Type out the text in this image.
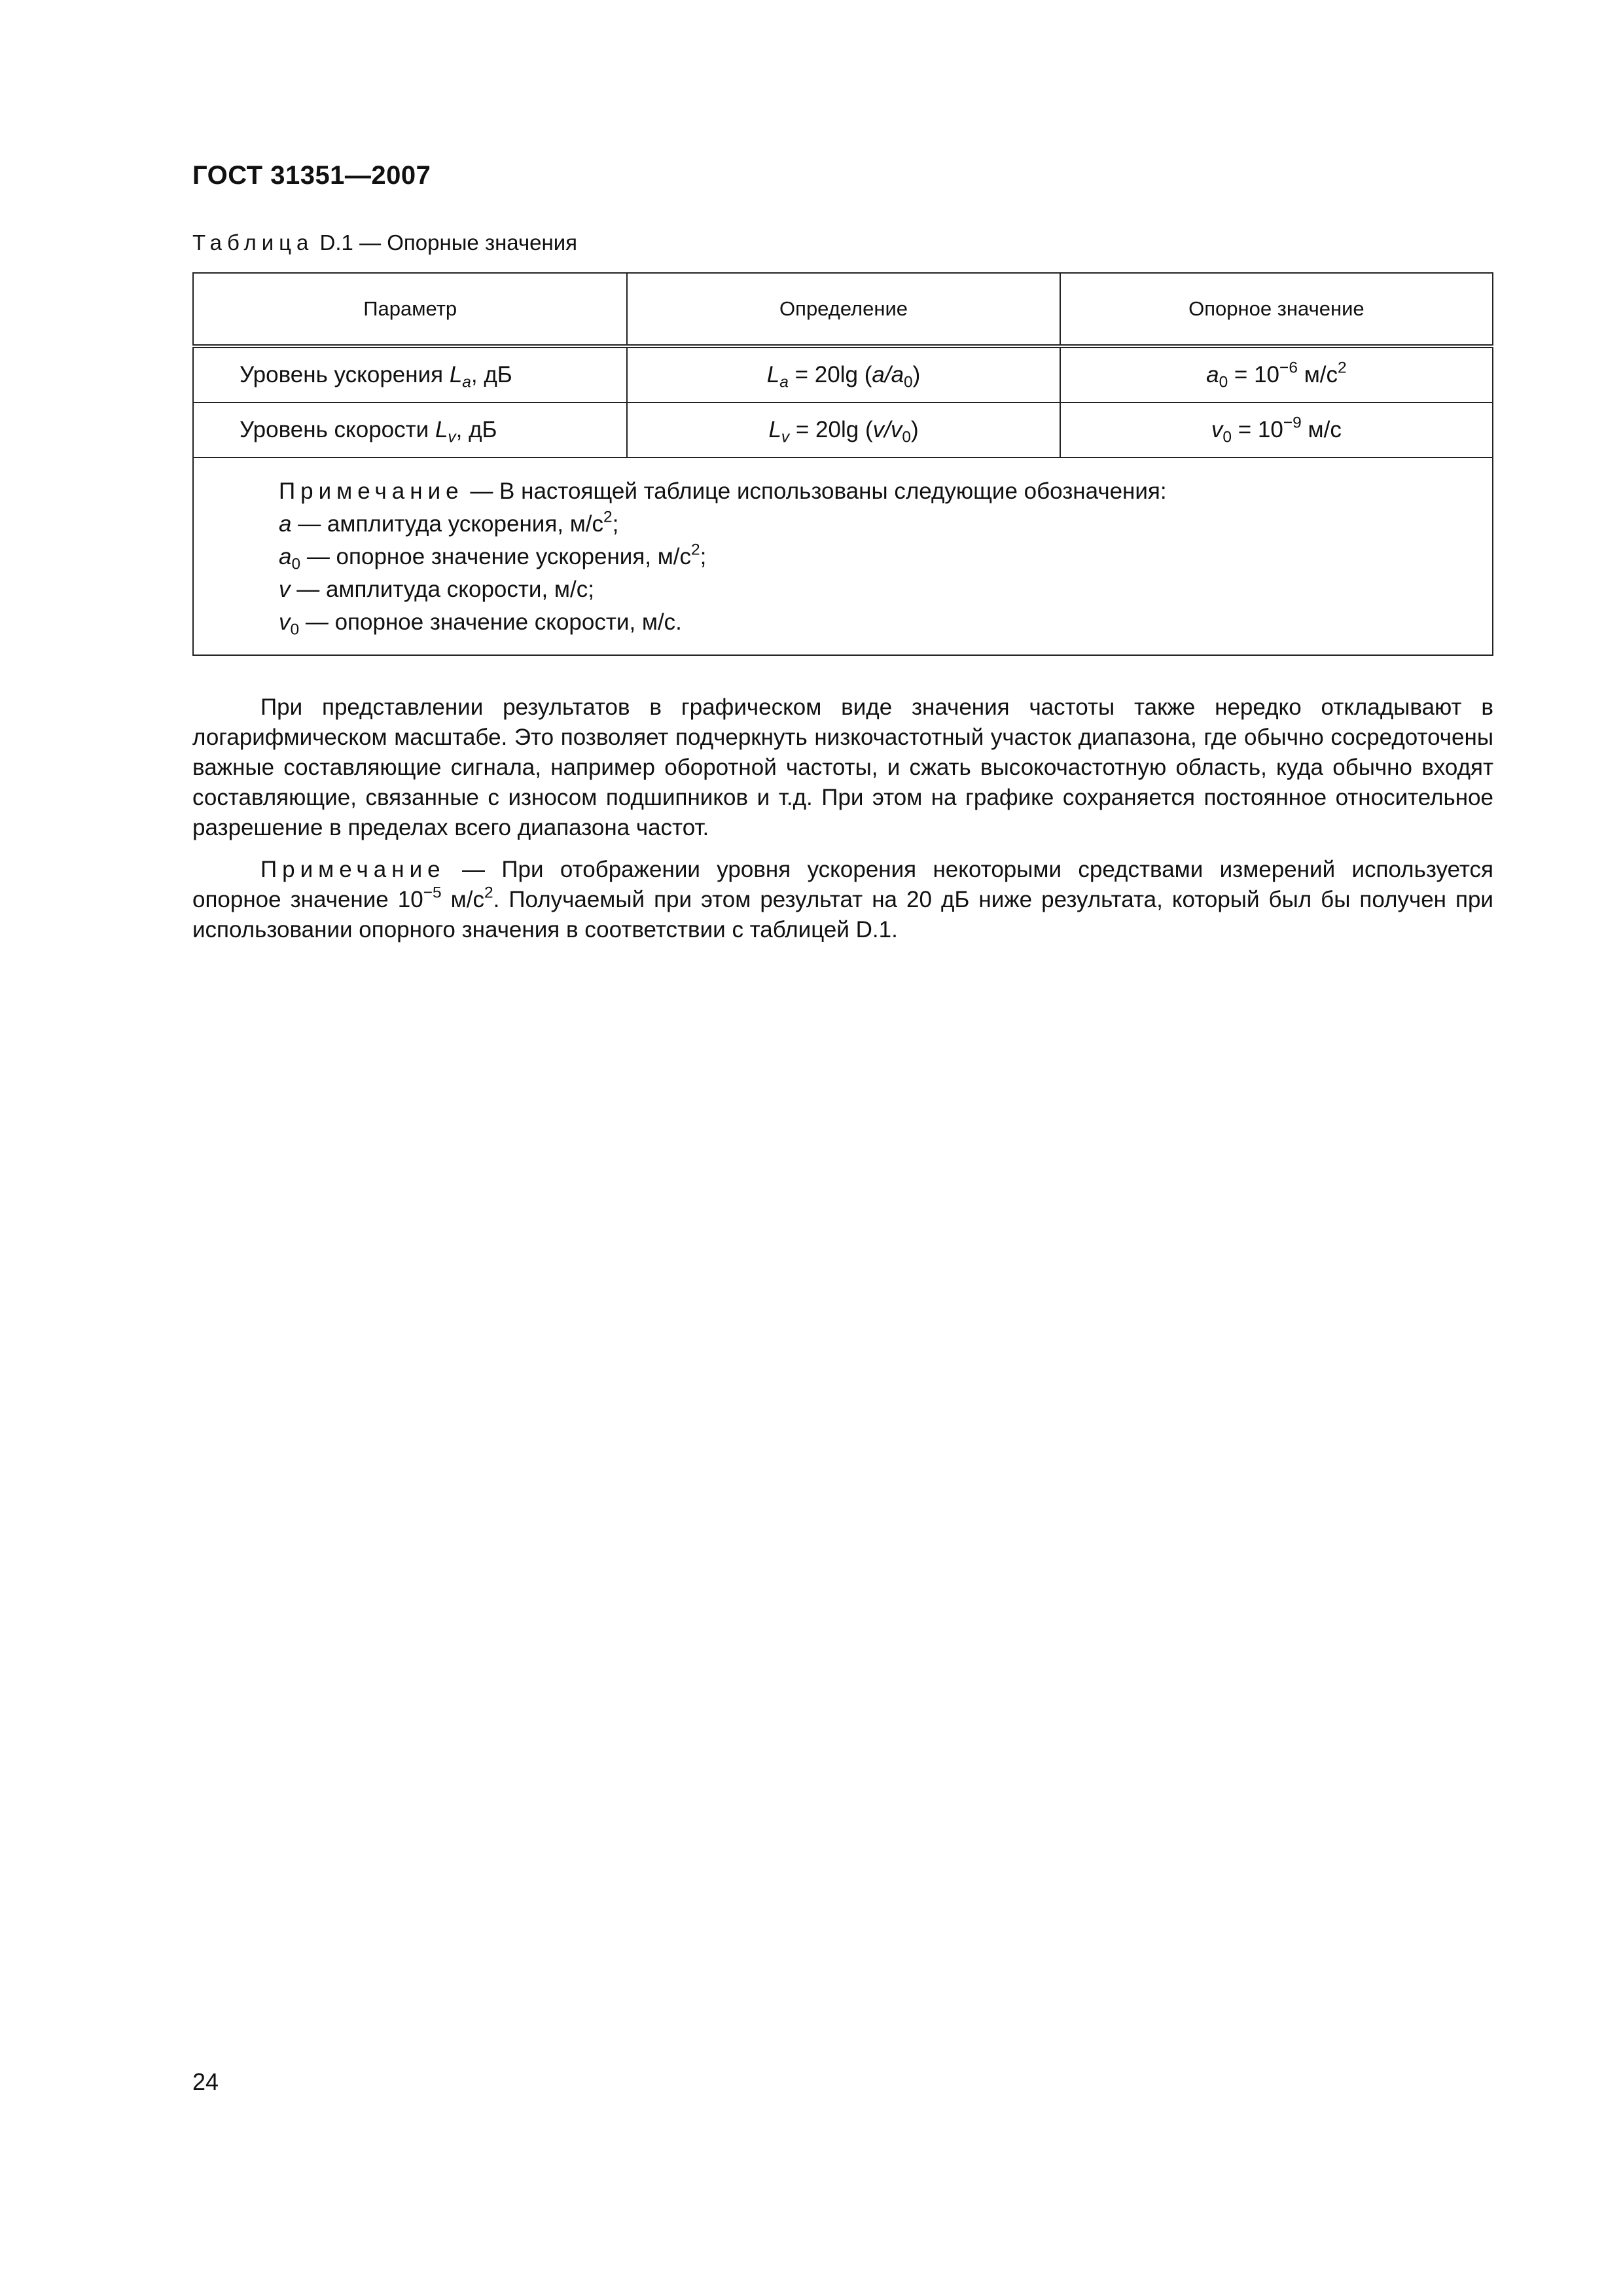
ГОСТ 31351—2007
Таблица D.1 — Опорные значения
Параметр	Определение	Опорное значение
Уровень ускорения $L_a$, дБ	$L_a = 20\lg$ $(a/a_0)$	$a_0 = 10^{-6}$ $м/с^2$
Уровень скорости $L_v$, дБ	$L_v = 20\lg$ $(v/v_0)$	$v_0 = 10^{-9}$ м/с

Примечание — В настоящей таблице использованы следующие обозначения:
a — амплитуда ускорения, $м/с^2$;
$a_0$ — опорное значение ускорения, $м/с^2$;
v — амплитуда скорости, м/с;
$v_0$ — опорное значение скорости, м/с.		

При представлении результатов в графическом виде значения частоты также нередко откладывают в логарифмическом масштабе. Это позволяет подчеркнуть низкочастотный участок диапазона, где обычно сосредоточены важные составляющие сигнала, например оборотной частоты, и сжать высокочастотную область, куда обычно входят составляющие, связанные с износом подшипников и т.д. При этом на графике сохраняется постоянное относительное разрешение в пределах всего диапазона частот.

Примечание — При отображении уровня ускорения некоторыми средствами измерений используется опорное значение $10^{-5}$ $м/с^2$. Получаемый при этом результат на 20 дБ ниже результата, который был бы получен при использовании опорного значения в соответствии с таблицей D.1.

24
